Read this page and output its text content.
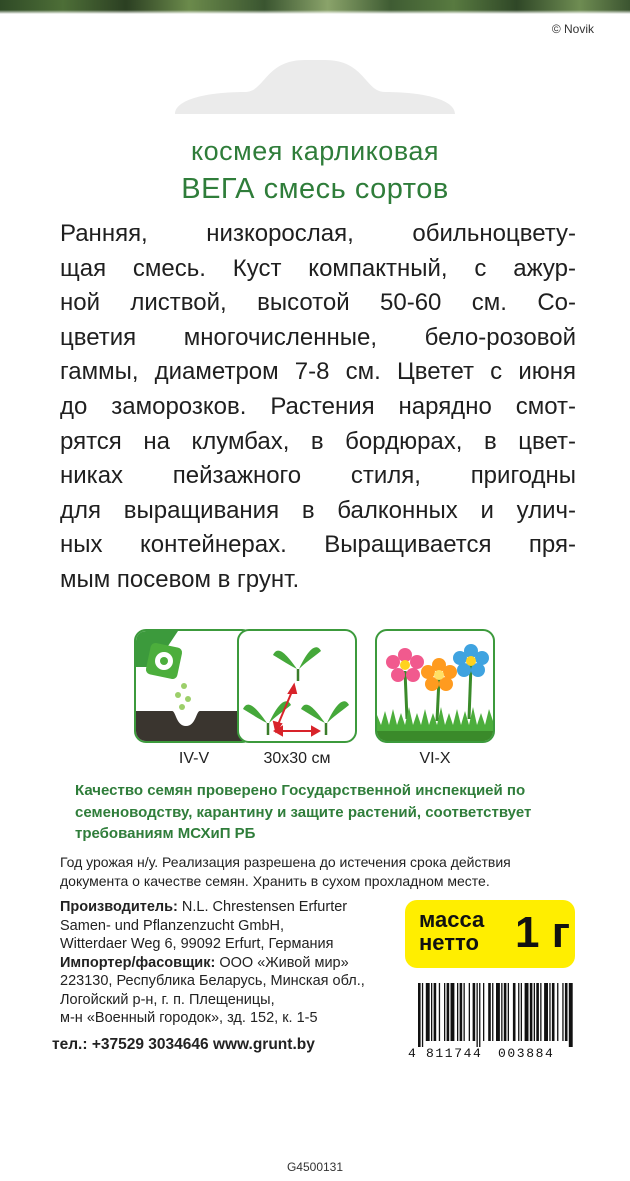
© Novik
космея карликовая
ВЕГА смесь сортов
Ранняя, низкорослая, обильноцвету-
щая смесь. Куст компактный, с ажур-
ной листвой, высотой 50-60 см. Со-
цветия многочисленные, бело-розовой
гаммы, диаметром 7-8 см. Цветет с июня
до заморозков. Растения нарядно смот-
рятся на клумбах, в бордюрах, в цвет-
никах пейзажного стиля, пригодны
для выращивания в балконных и улич-
ных контейнерах. Выращивается пря-
мым посевом в грунт.
IV-V	30x30 см	VI-X
Качество семян проверено Государственной инспекцией по
семеноводству, карантину и защите растений, соответствует
требованиям МСХиП РБ
Год урожая н/у. Реализация разрешена до истечения срока действия
документа о качестве семян. Хранить в сухом прохладном месте.
Производитель: N.L. Chrestensen Erfurter
Samen- und Pflanzenzucht GmbH,
Witterdaer Weg 6, 99092 Erfurt, Германия
Импортер/фасовщик: ООО «Живой мир»
223130, Республика Беларусь, Минская обл.,
Логойский р-н, г. п. Плещеницы,
м-н «Военный городок», зд. 152, к. 1-5
тел.: +37529 3034646 www.grunt.by
масса
нетто 1 г
4 811744 003884
G4500131
